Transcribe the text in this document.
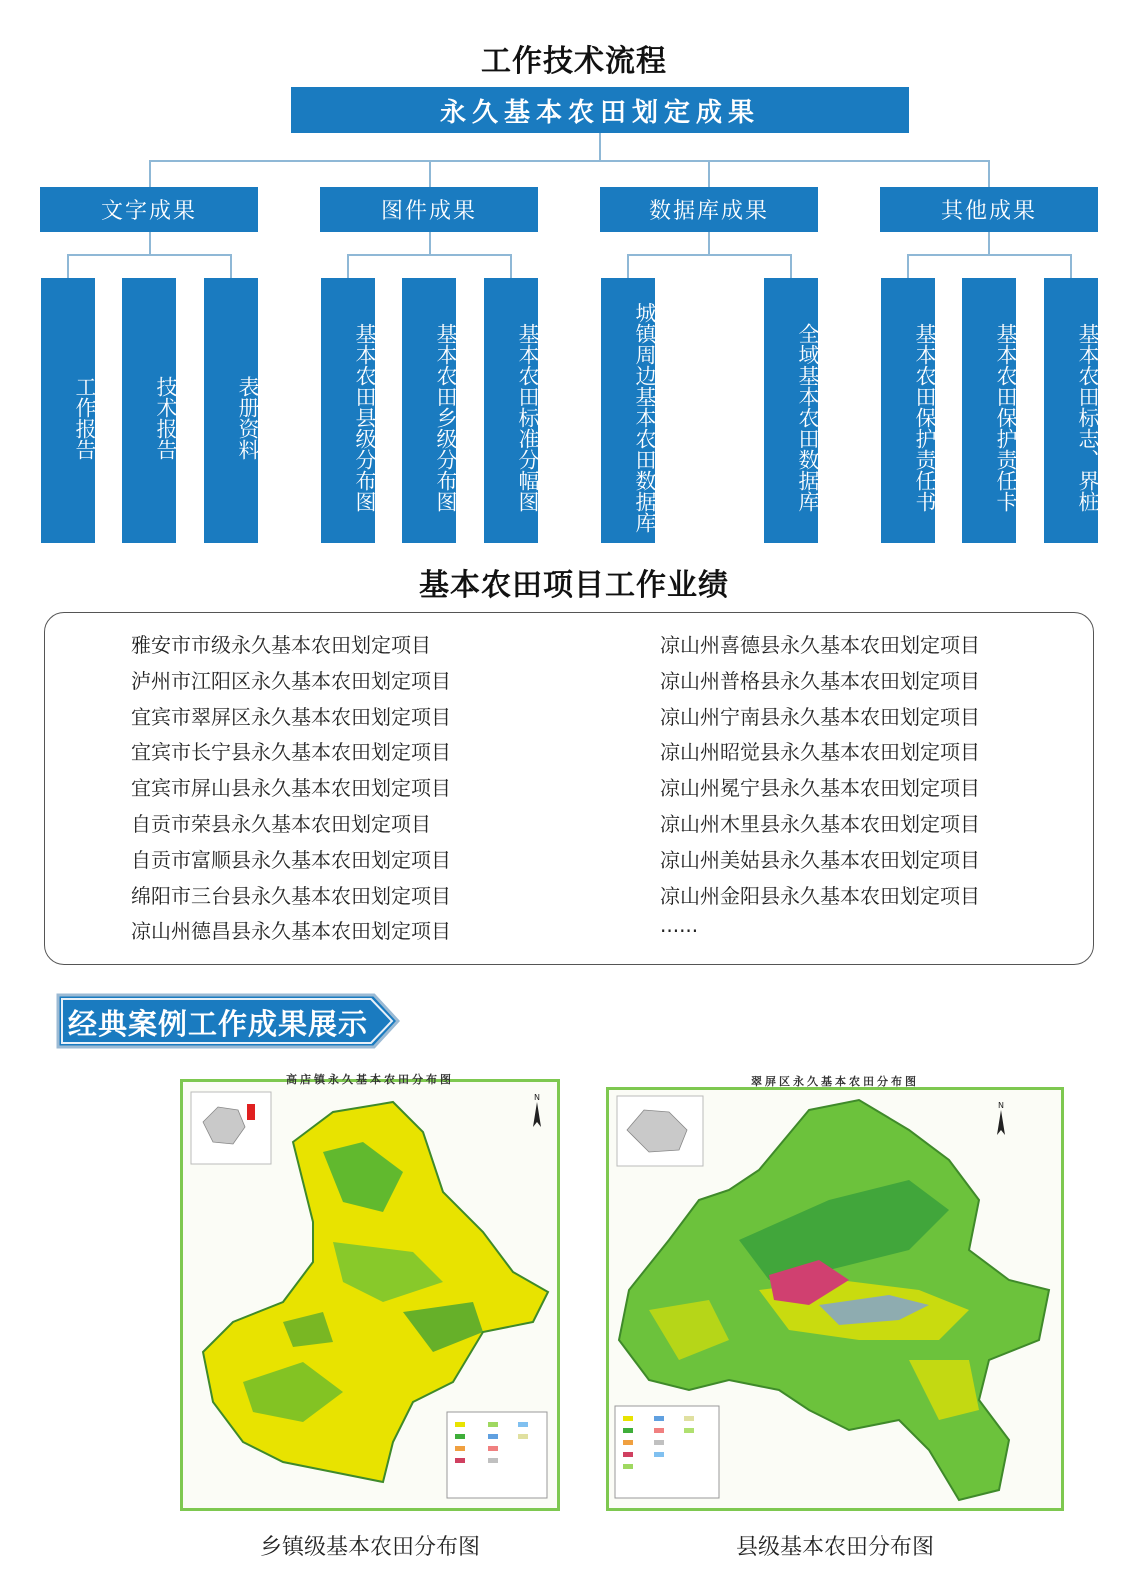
工作技术流程
永久基本农田划定成果
文字成果	图件成果	数据库成果	其他成果
工作报告	技术报告	表册资料	基本农田县级分布图	基本农田乡级分布图	基本农田标准分幅图	城镇周边基本农田数据库	全域基本农田数据库	基本农田保护责任书	基本农田保护责任卡	基本农田标志、界桩
基本农田项目工作业绩
雅安市市级永久基本农田划定项目
泸州市江阳区永久基本农田划定项目
宜宾市翠屏区永久基本农田划定项目
宜宾市长宁县永久基本农田划定项目
宜宾市屏山县永久基本农田划定项目
自贡市荣县永久基本农田划定项目
自贡市富顺县永久基本农田划定项目
绵阳市三台县永久基本农田划定项目
凉山州德昌县永久基本农田划定项目
凉山州喜德县永久基本农田划定项目
凉山州普格县永久基本农田划定项目
凉山州宁南县永久基本农田划定项目
凉山州昭觉县永久基本农田划定项目
凉山州冕宁县永久基本农田划定项目
凉山州木里县永久基本农田划定项目
凉山州美姑县永久基本农田划定项目
凉山州金阳县永久基本农田划定项目
······
经典案例工作成果展示
高店镇永久基本农田分布图
N
乡镇级基本农田分布图
翠屏区永久基本农田分布图
N
县级基本农田分布图
